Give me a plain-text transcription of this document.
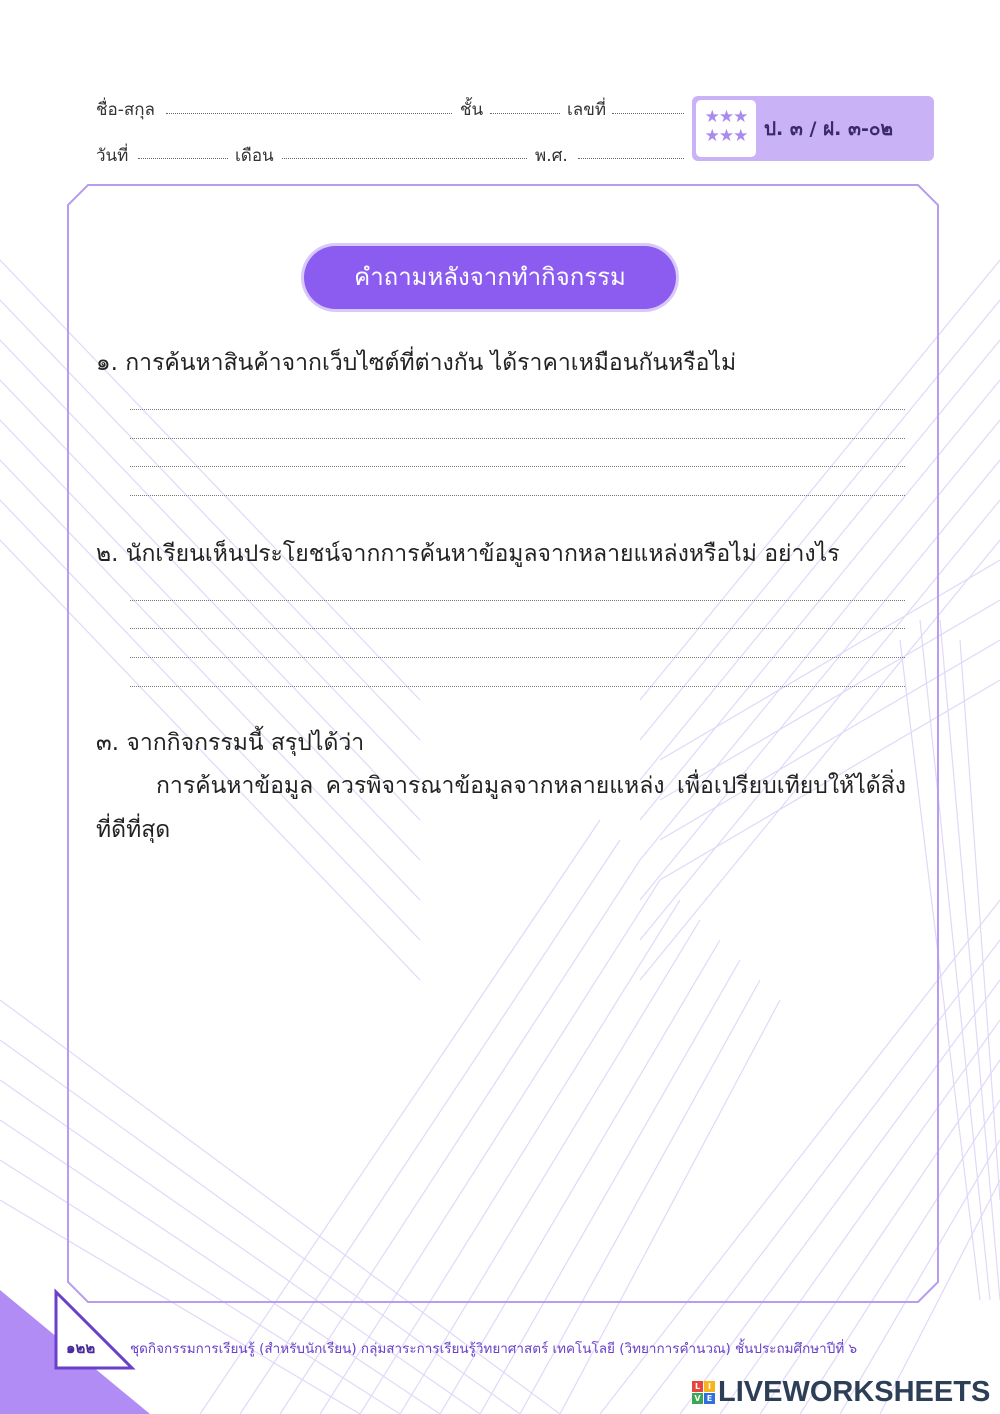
ชื่อ-สกุล	ชั้น	เลขที่
วันที่	เดือน	พ.ศ.
★★★
★★★ ป. ๓ / ฝ. ๓-๐๒
คำถามหลังจากทำกิจกรรม
๑. การค้นหาสินค้าจากเว็บไซต์ที่ต่างกัน ได้ราคาเหมือนกันหรือไม่
๒. นักเรียนเห็นประโยชน์จากการค้นหาข้อมูลจากหลายแหล่งหรือไม่ อย่างไร
๓. จากกิจกรรมนี้ สรุปได้ว่า
การค้นหาข้อมูล ควรพิจารณาข้อมูลจากหลายแหล่ง เพื่อเปรียบเทียบให้ได้สิ่งที่ดีที่สุด
๑๒๒	ชุดกิจกรรมการเรียนรู้ (สำหรับนักเรียน) กลุ่มสาระการเรียนรู้วิทยาศาสตร์ เทคโนโลยี (วิทยาการคำนวณ) ชั้นประถมศึกษาปีที่ ๖
L I
V E LIVEWORKSHEETS
